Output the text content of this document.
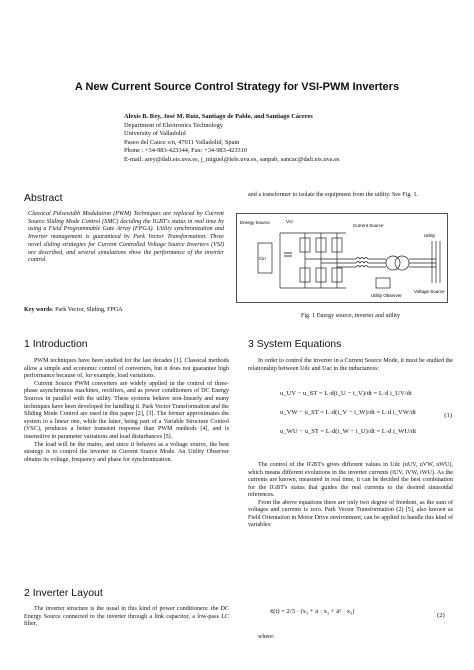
A New Current Source Control Strategy for VSI-PWM Inverters
Alexis B. Rey, José M. Ruiz, Santiago de Pablo, and Santiago Cáceres
Department of Electronics Technology
University of Valladolid
Paseo del Cauce s/n, 47011 Valladolid, Spain
Phone : +34-983-423344, Fax: +34-983-423310
E-mail: arey@dali.eis.uva.es, j_miguel@tele.uva.es, sanpab, sancac@dali.eis.uva.es
Abstract

Classical Pulsewidth Modulation (PWM) Techniques are replaced by Current Source Sliding Mode Control (SMC) deciding the IGBT's status in real time by using a Field Programmable Gate Array (FPGA). Utility synchronization and Inverter management is guaranteed by Park Vector Transformation. Three novel sliding strategies for Current Controlled Voltage Source Inverters (VSI) are described, and several simulations show the performance of the inverter control.

Key words: Park Vector, Sliding, FPGA
1 Introduction

PWM techniques have been studied for the last decades [1]. Classical methods allow a simple and economic control of converters, but it does not guarantee high performance because of, for example, load variations.

Current Source PWM converters are widely applied in the control of three-phase asynchronous machines, rectifiers, and as power conditioners of DC Energy Sources in parallel with the utility. These systems behave non-linearly and many techniques have been developed for handling it. Park Vector Transformation and the Sliding Mode Control are used in this paper [2], [3]. The former approximates the system to a linear one, while the latter, being part of a Variable Structure Control (VSC), produces a better transient response than PWM methods [4], and is insensitive to parameter variations and load disturbances [5].

The load will be the mains, and since it behaves as a voltage source, the best strategy is to control the inverter in Current Source Mode. An Utility Observer obtains its voltage, frequency and phase for synchronization.

2 Inverter Layout

The inverter structure is the usual in this kind of power conditioners: the DC Energy Source connected to the inverter through a link capacitor, a low-pass LC filter,

and a transformer to isolate the equipment from the utility. See Fig. 1.

Energy Source	Vcc
Cin
Current Source
Utility
Utility Observer
Voltage Source
Fig. 1 Energy source, inverter and utility
3 System Equations

In order to control the inverter in a Current Source Mode, it must be studied the relationship between Udc and Uac in the inductances:

u_UV − u_ST = L·d(i_U − i_V)/dt = L·d i_UV/dt
u_VW − u_ST = L·d(i_V − i_W)/dt = L·d i_VW/dt
u_WU − u_ST = L·d(i_W − i_U)/dt = L·d i_WU/dt
(1)

The control of the IGBT's gives different values in Udc (uUV, uVW, uWU), which means different evolutions in the inverter currents (iUV, iVW, iWU). As the currents are known, measured in real time, it can be decided the best combination for the IGBT's status that guides the real currents to the desired sinusoidal references.

From the above equations there are only two degree of freedom, as the sum of voltages and currents is zero. Park Vector Transformation (2) [5], also known as Field Orientation in Motor Drive environment, can be applied to handle this kind of variables:

x̄(t) = 2/3 · (x₁ + ā · x₂ + ā² · x₃)
(2)
where:
